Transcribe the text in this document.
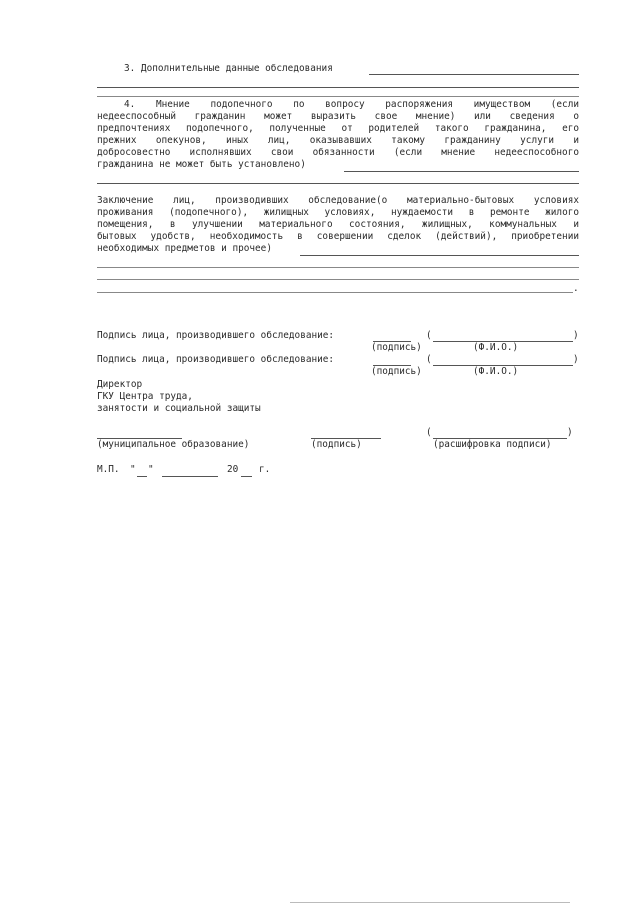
3. Дополнительные данные обследования
4. Мнение подопечного по вопросу распоряжения имуществом (если
недееспособный гражданин может выразить свое мнение) или сведения о
предпочтениях подопечного, полученные от родителей такого гражданина, его
прежних опекунов, иных лиц, оказывавших такому гражданину услуги и
добросовестно исполнявших свои обязанности (если мнение недееспособного
гражданина не может быть установлено)
Заключение лиц, производивших обследование(о материально-бытовых условиях
проживания (подопечного), жилищных условиях, нуждаемости в ремонте жилого
помещения, в улучшении материального состояния, жилищных, коммунальных и
бытовых удобств, необходимость в совершении сделок (действий), приобретении
необходимых предметов и прочее)
.
Подпись лица, производившего обследование:	(	)
(подпись)	(Ф.И.О.)
Подпись лица, производившего обследование:	(	)
(подпись)	(Ф.И.О.)
Директор
ГКУ Центра труда,
занятости и социальной защиты
(	)
(муниципальное образование)	(подпись)	(расшифровка подписи)
М.П. " "	20 г.
